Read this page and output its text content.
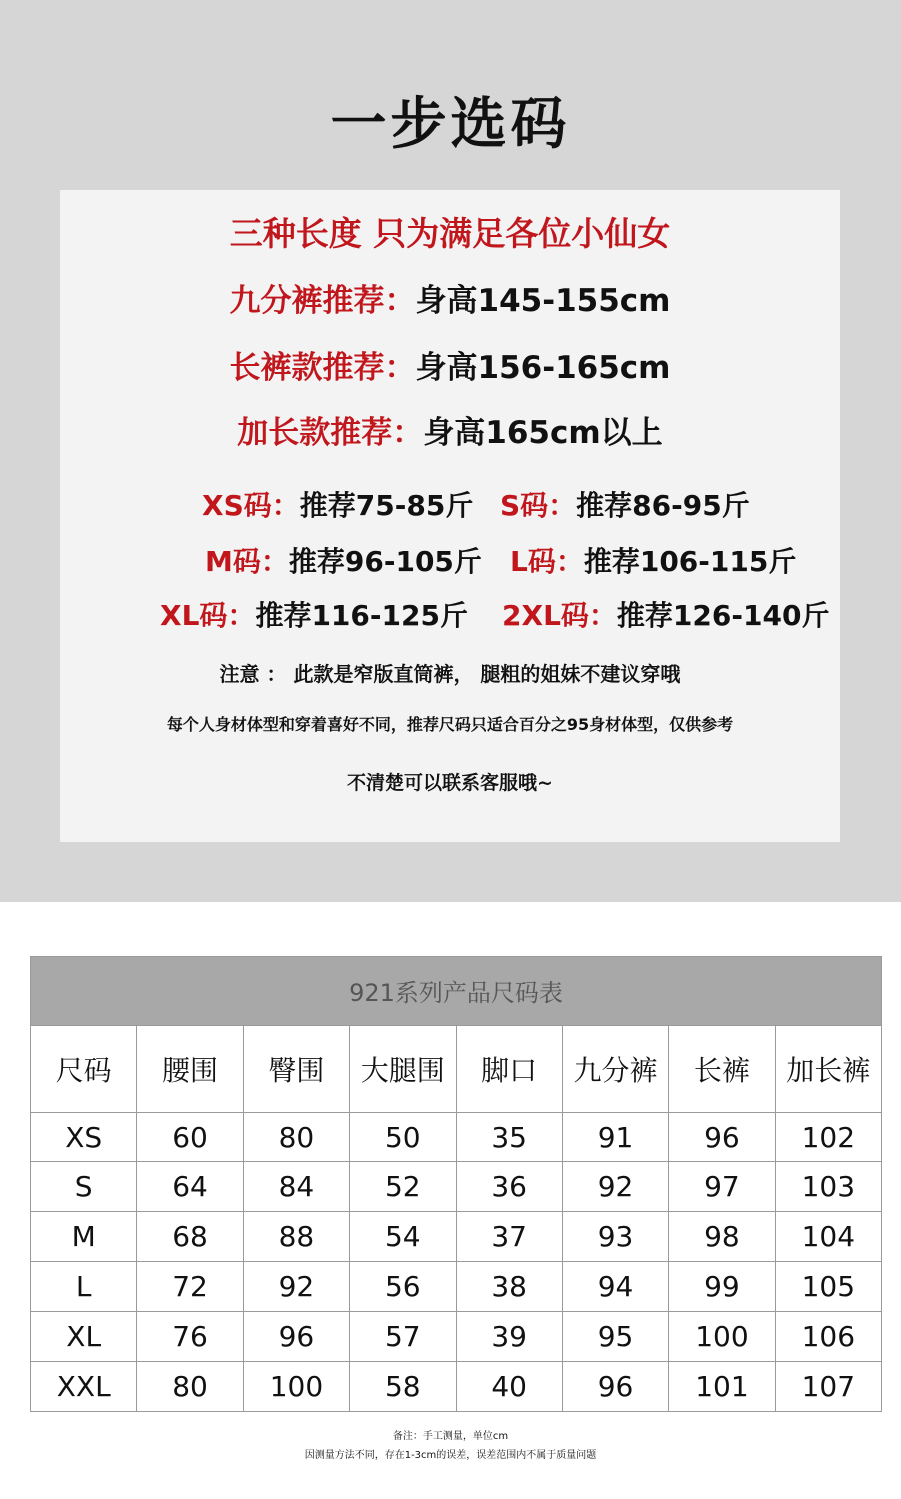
一步选码
三种长度 只为满足各位小仙女
九分裤推荐：身高145-155cm
长裤款推荐：身高156-165cm
加长款推荐：身高165cm以上
XS码：推荐75-85斤 S码：推荐86-95斤
M码：推荐96-105斤 L码：推荐106-115斤
XL码：推荐116-125斤 2XL码：推荐126-140斤
注意 ： 此款是窄版直筒裤， 腿粗的姐妹不建议穿哦
每个人身材体型和穿着喜好不同，推荐尺码只适合百分之95身材体型，仅供参考
不清楚可以联系客服哦~
921系列产品尺码表							
尺码	腰围	臀围	大腿围	脚口	九分裤	长裤	加长裤
XS	60	80	50	35	91	96	102
S	64	84	52	36	92	97	103
M	68	88	54	37	93	98	104
L	72	92	56	38	94	99	105
XL	76	96	57	39	95	100	106
XXL	80	100	58	40	96	101	107
备注：手工测量，单位cm
因测量方法不同，存在1-3cm的误差，误差范围内不属于质量问题
